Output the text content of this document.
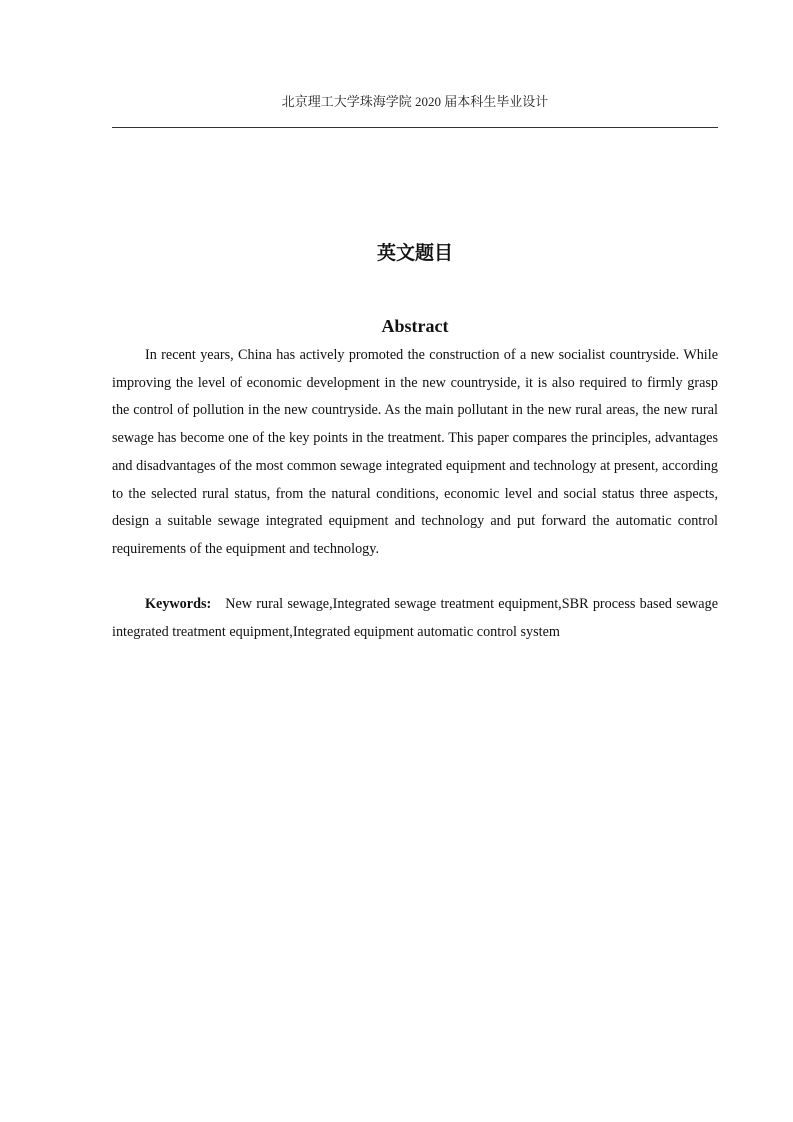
北京理工大学珠海学院 2020 届本科生毕业设计
英文题目
Abstract

In recent years, China has actively promoted the construction of a new socialist countryside. While improving the level of economic development in the new countryside, it is also required to firmly grasp the control of pollution in the new countryside. As the main pollutant in the new rural areas, the new rural sewage has become one of the key points in the treatment. This paper compares the principles, advantages and disadvantages of the most common sewage integrated equipment and technology at present, according to the selected rural status, from the natural conditions, economic level and social status three aspects, design a suitable sewage integrated equipment and technology and put forward the automatic control requirements of the equipment and technology.

Keywords: New rural sewage,Integrated sewage treatment equipment,SBR process based sewage integrated treatment equipment,Integrated equipment automatic control system
